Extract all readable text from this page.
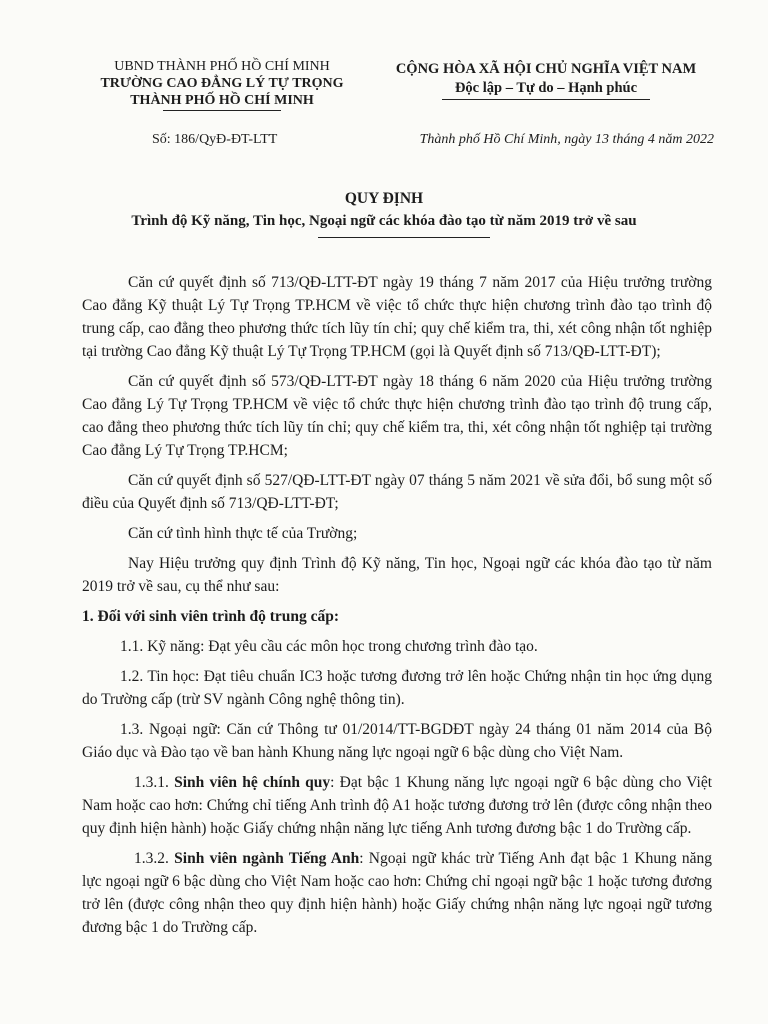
UBND THÀNH PHỐ HỒ CHÍ MINH
TRƯỜNG CAO ĐẲNG LÝ TỰ TRỌNG
THÀNH PHỐ HỒ CHÍ MINH
CỘNG HÒA XÃ HỘI CHỦ NGHĨA VIỆT NAM
Độc lập – Tự do – Hạnh phúc
Số: 186/QyĐ-ĐT-LTT	Thành phố Hồ Chí Minh, ngày 13 tháng 4 năm 2022
QUY ĐỊNH
Trình độ Kỹ năng, Tin học, Ngoại ngữ các khóa đào tạo từ năm 2019 trở về sau

Căn cứ quyết định số 713/QĐ-LTT-ĐT ngày 19 tháng 7 năm 2017 của Hiệu trưởng trường Cao đẳng Kỹ thuật Lý Tự Trọng TP.HCM về việc tổ chức thực hiện chương trình đào tạo trình độ trung cấp, cao đẳng theo phương thức tích lũy tín chỉ; quy chế kiểm tra, thi, xét công nhận tốt nghiệp tại trường Cao đẳng Kỹ thuật Lý Tự Trọng TP.HCM (gọi là Quyết định số 713/QĐ-LTT-ĐT);

Căn cứ quyết định số 573/QĐ-LTT-ĐT ngày 18 tháng 6 năm 2020 của Hiệu trưởng trường Cao đẳng Lý Tự Trọng TP.HCM về việc tổ chức thực hiện chương trình đào tạo trình độ trung cấp, cao đẳng theo phương thức tích lũy tín chỉ; quy chế kiểm tra, thi, xét công nhận tốt nghiệp tại trường Cao đẳng Lý Tự Trọng TP.HCM;

Căn cứ quyết định số 527/QĐ-LTT-ĐT ngày 07 tháng 5 năm 2021 về sửa đổi, bổ sung một số điều của Quyết định số 713/QĐ-LTT-ĐT;

Căn cứ tình hình thực tế của Trường;

Nay Hiệu trưởng quy định Trình độ Kỹ năng, Tin học, Ngoại ngữ các khóa đào tạo từ năm 2019 trở về sau, cụ thể như sau:

1. Đối với sinh viên trình độ trung cấp:

1.1. Kỹ năng: Đạt yêu cầu các môn học trong chương trình đào tạo.

1.2. Tin học: Đạt tiêu chuẩn IC3 hoặc tương đương trở lên hoặc Chứng nhận tin học ứng dụng do Trường cấp (trừ SV ngành Công nghệ thông tin).

1.3. Ngoại ngữ: Căn cứ Thông tư 01/2014/TT-BGDĐT ngày 24 tháng 01 năm 2014 của Bộ Giáo dục và Đào tạo về ban hành Khung năng lực ngoại ngữ 6 bậc dùng cho Việt Nam.

1.3.1. Sinh viên hệ chính quy: Đạt bậc 1 Khung năng lực ngoại ngữ 6 bậc dùng cho Việt Nam hoặc cao hơn: Chứng chỉ tiếng Anh trình độ A1 hoặc tương đương trở lên (được công nhận theo quy định hiện hành) hoặc Giấy chứng nhận năng lực tiếng Anh tương đương bậc 1 do Trường cấp.

1.3.2. Sinh viên ngành Tiếng Anh: Ngoại ngữ khác trừ Tiếng Anh đạt bậc 1 Khung năng lực ngoại ngữ 6 bậc dùng cho Việt Nam hoặc cao hơn: Chứng chỉ ngoại ngữ bậc 1 hoặc tương đương trở lên (được công nhận theo quy định hiện hành) hoặc Giấy chứng nhận năng lực ngoại ngữ tương đương bậc 1 do Trường cấp.
